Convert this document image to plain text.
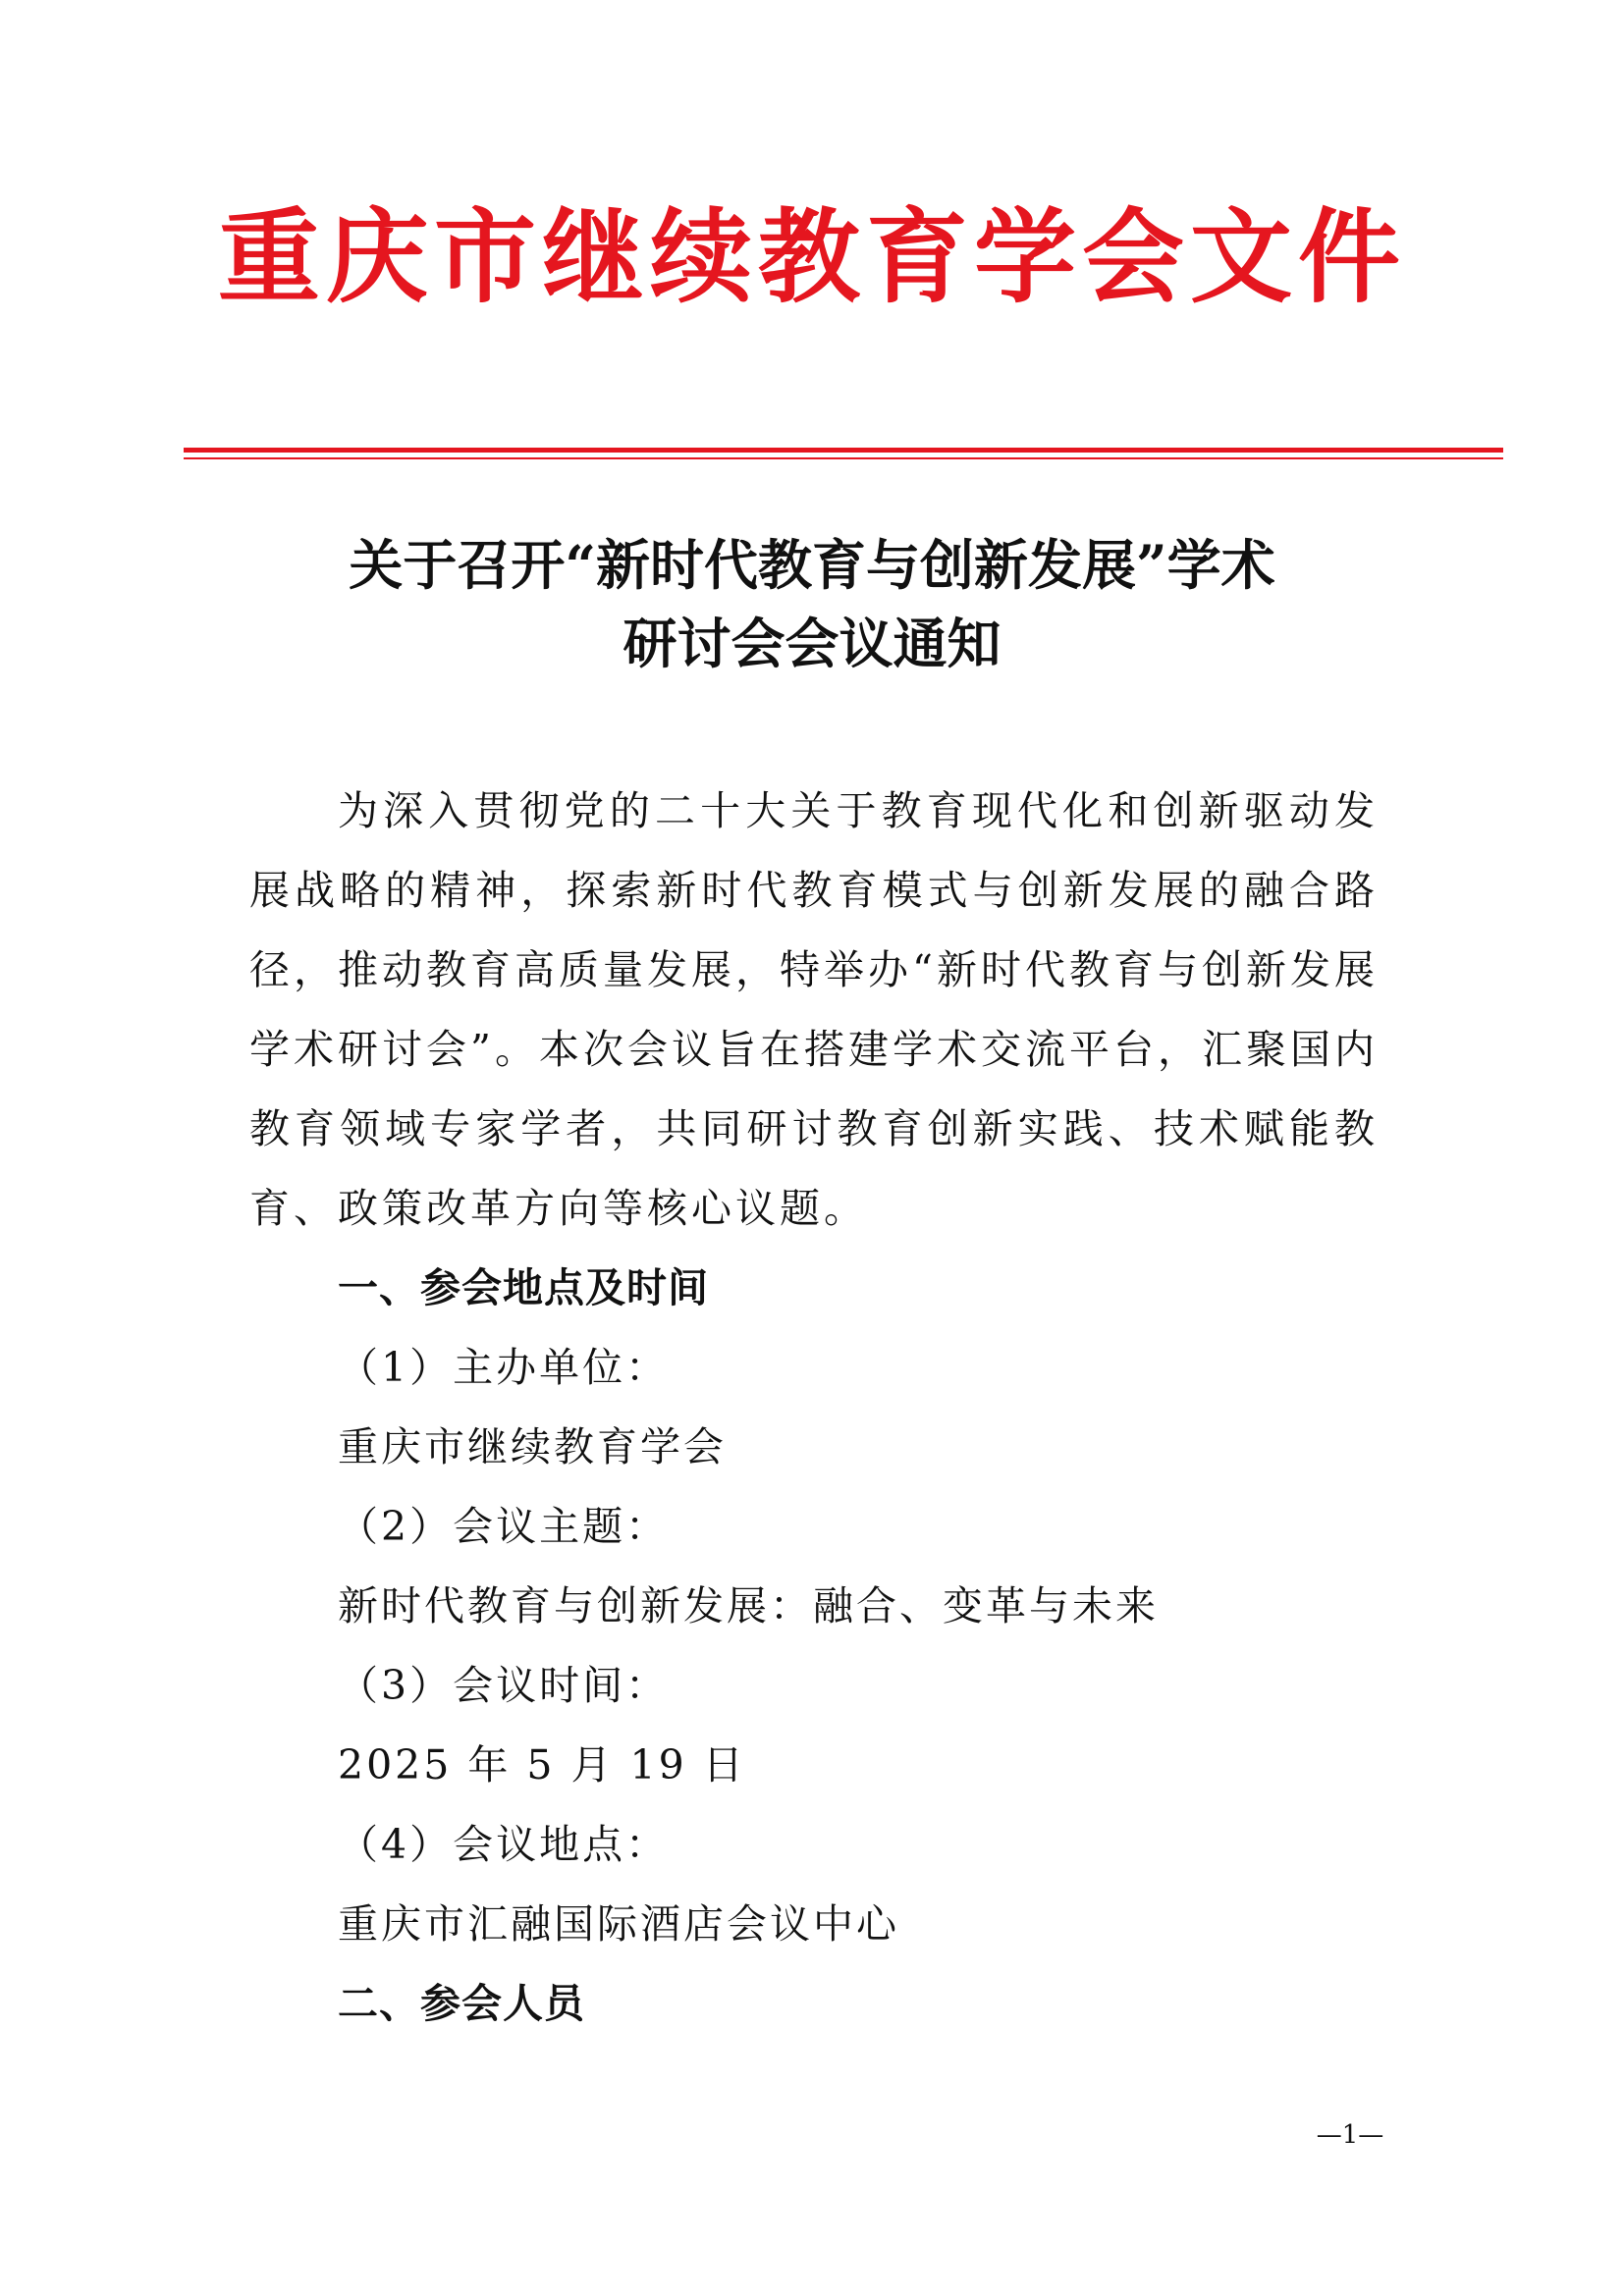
重庆市继续教育学会文件
关于召开“新时代教育与创新发展”学术
研讨会会议通知

为深入贯彻党的二十大关于教育现代化和创新驱动发展战略的精神，探索新时代教育模式与创新发展的融合路径，推动教育高质量发展，特举办“新时代教育与创新发展学术研讨会”。本次会议旨在搭建学术交流平台，汇聚国内教育领域专家学者，共同研讨教育创新实践、技术赋能教育、政策改革方向等核心议题。

一、参会地点及时间

（1）主办单位：

重庆市继续教育学会

（2）会议主题：

新时代教育与创新发展：融合、变革与未来

（3）会议时间：

2025 年 5 月 19 日

（4）会议地点：

重庆市汇融国际酒店会议中心

二、参会人员

—1—
